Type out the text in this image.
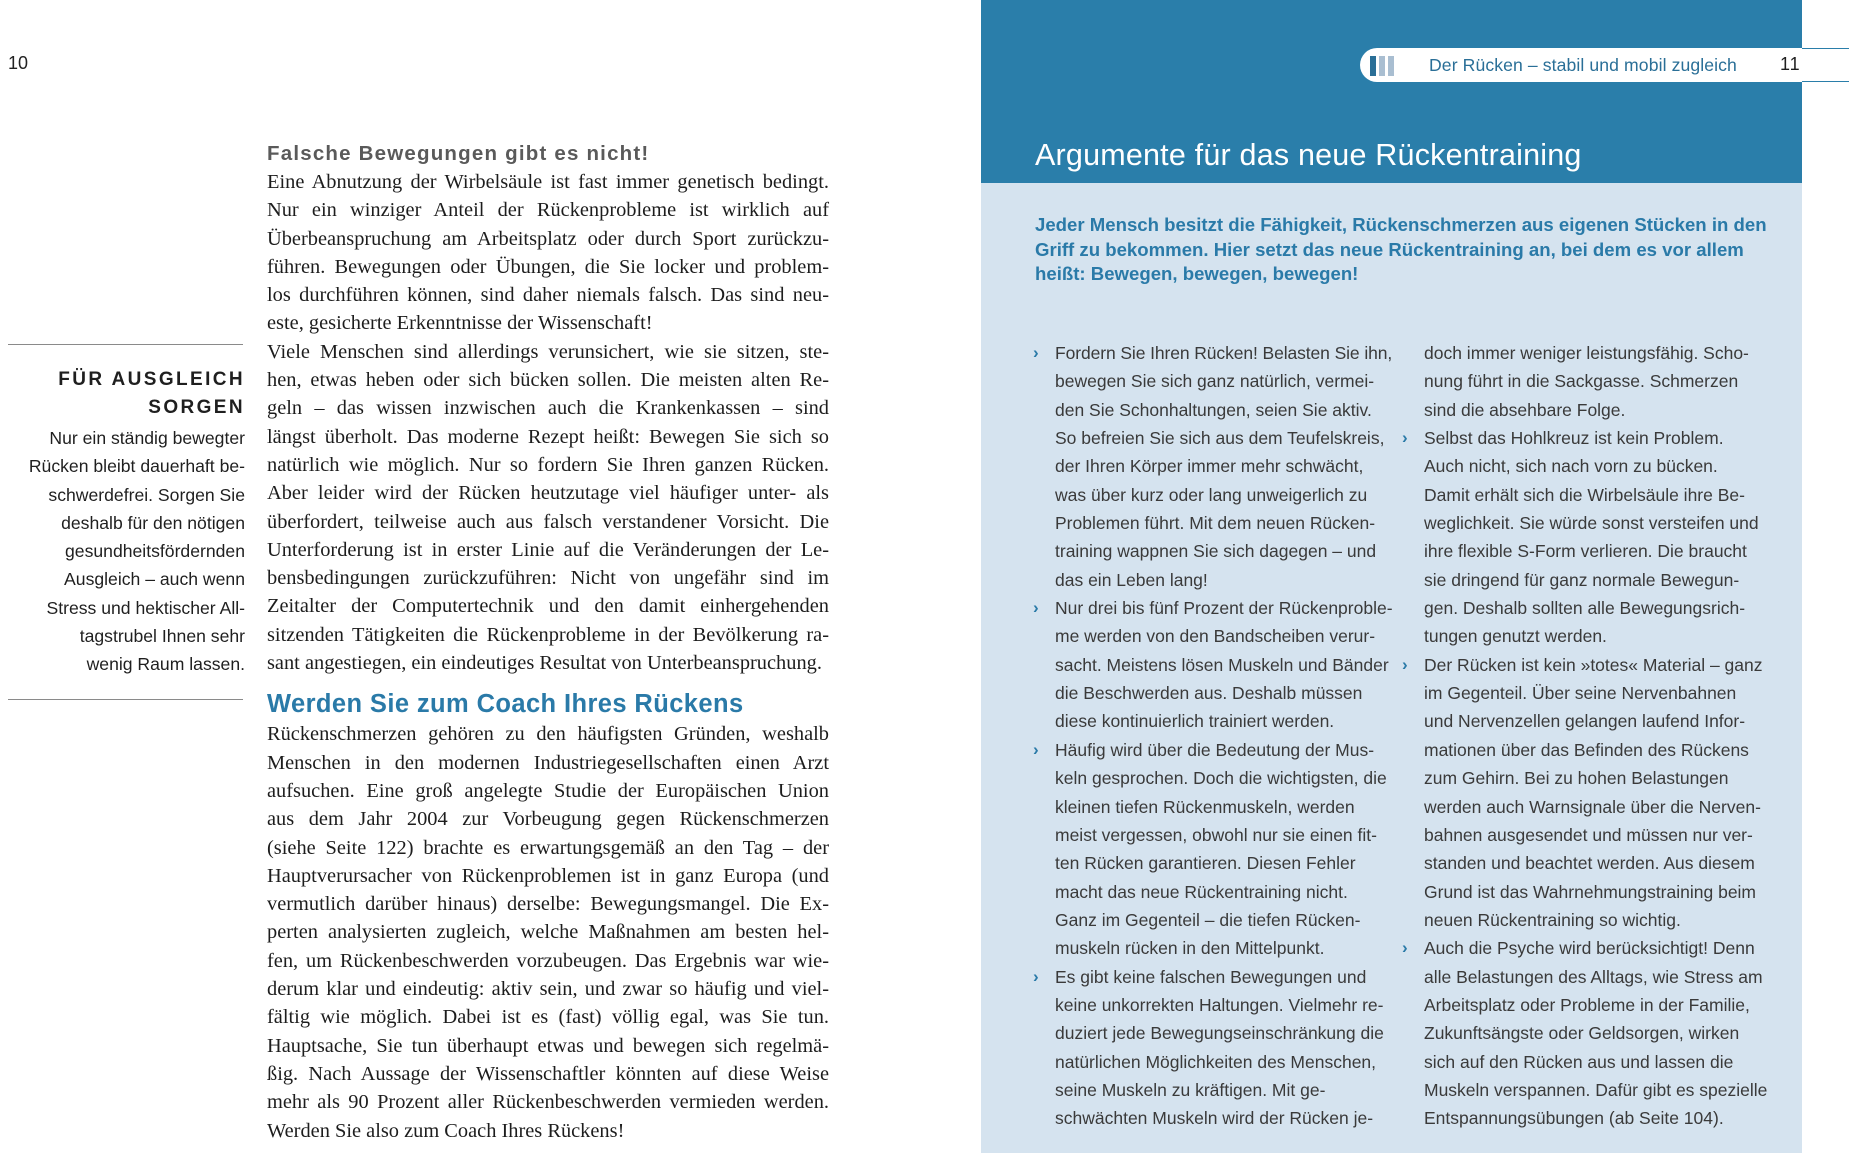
10
FÜR AUSGLEICH
SORGEN
Nur ein ständig bewegter
Rücken bleibt dauerhaft be-
schwerdefrei. Sorgen Sie
deshalb für den nötigen
gesundheitsfördernden
Ausgleich – auch wenn
Stress und hektischer All-
tagstrubel Ihnen sehr
wenig Raum lassen.
Falsche Bewegungen gibt es nicht!
Eine Abnutzung der Wirbelsäule ist fast immer genetisch bedingt.
Nur ein winziger Anteil der Rückenprobleme ist wirklich auf
Überbeanspruchung am Arbeitsplatz oder durch Sport zurückzu-
führen. Bewegungen oder Übungen, die Sie locker und problem-
los durchführen können, sind daher niemals falsch. Das sind neu-
este, gesicherte Erkenntnisse der Wissenschaft!
Viele Menschen sind allerdings verunsichert, wie sie sitzen, ste-
hen, etwas heben oder sich bücken sollen. Die meisten alten Re-
geln – das wissen inzwischen auch die Krankenkassen – sind
längst überholt. Das moderne Rezept heißt: Bewegen Sie sich so
natürlich wie möglich. Nur so fordern Sie Ihren ganzen Rücken.
Aber leider wird der Rücken heutzutage viel häufiger unter- als
überfordert, teilweise auch aus falsch verstandener Vorsicht. Die
Unterforderung ist in erster Linie auf die Veränderungen der Le-
bensbedingungen zurückzuführen: Nicht von ungefähr sind im
Zeitalter der Computertechnik und den damit einhergehenden
sitzenden Tätigkeiten die Rückenprobleme in der Bevölkerung ra-
sant angestiegen, ein eindeutiges Resultat von Unterbeanspruchung.
Werden Sie zum Coach Ihres Rückens
Rückenschmerzen gehören zu den häufigsten Gründen, weshalb
Menschen in den modernen Industriegesellschaften einen Arzt
aufsuchen. Eine groß angelegte Studie der Europäischen Union
aus dem Jahr 2004 zur Vorbeugung gegen Rückenschmerzen
(siehe Seite 122) brachte es erwartungsgemäß an den Tag – der
Hauptverursacher von Rückenproblemen ist in ganz Europa (und
vermutlich darüber hinaus) derselbe: Bewegungsmangel. Die Ex-
perten analysierten zugleich, welche Maßnahmen am besten hel-
fen, um Rückenbeschwerden vorzubeugen. Das Ergebnis war wie-
derum klar und eindeutig: aktiv sein, und zwar so häufig und viel-
fältig wie möglich. Dabei ist es (fast) völlig egal, was Sie tun.
Hauptsache, Sie tun überhaupt etwas und bewegen sich regelmä-
ßig. Nach Aussage der Wissenschaftler könnten auf diese Weise
mehr als 90 Prozent aller Rückenbeschwerden vermieden werden.
Werden Sie also zum Coach Ihres Rückens!
Der Rücken – stabil und mobil zugleich 11
Argumente für das neue Rückentraining
Jeder Mensch besitzt die Fähigkeit, Rückenschmerzen aus eigenen Stücken in den
Griff zu bekommen. Hier setzt das neue Rückentraining an, bei dem es vor allem
heißt: Bewegen, bewegen, bewegen!
› Fordern Sie Ihren Rücken! Belasten Sie ihn,
bewegen Sie sich ganz natürlich, vermei-
den Sie Schonhaltungen, seien Sie aktiv.
So befreien Sie sich aus dem Teufelskreis,
der Ihren Körper immer mehr schwächt,
was über kurz oder lang unweigerlich zu
Problemen führt. Mit dem neuen Rücken-
training wappnen Sie sich dagegen – und
das ein Leben lang!
› Nur drei bis fünf Prozent der Rückenproble-
me werden von den Bandscheiben verur-
sacht. Meistens lösen Muskeln und Bänder
die Beschwerden aus. Deshalb müssen
diese kontinuierlich trainiert werden.
› Häufig wird über die Bedeutung der Mus-
keln gesprochen. Doch die wichtigsten, die
kleinen tiefen Rückenmuskeln, werden
meist vergessen, obwohl nur sie einen fit-
ten Rücken garantieren. Diesen Fehler
macht das neue Rückentraining nicht.
Ganz im Gegenteil – die tiefen Rücken-
muskeln rücken in den Mittelpunkt.
› Es gibt keine falschen Bewegungen und
keine unkorrekten Haltungen. Vielmehr re-
duziert jede Bewegungseinschränkung die
natürlichen Möglichkeiten des Menschen,
seine Muskeln zu kräftigen. Mit ge-
schwächten Muskeln wird der Rücken je-
doch immer weniger leistungsfähig. Scho-
nung führt in die Sackgasse. Schmerzen
sind die absehbare Folge.
› Selbst das Hohlkreuz ist kein Problem.
Auch nicht, sich nach vorn zu bücken.
Damit erhält sich die Wirbelsäule ihre Be-
weglichkeit. Sie würde sonst versteifen und
ihre flexible S-Form verlieren. Die braucht
sie dringend für ganz normale Bewegun-
gen. Deshalb sollten alle Bewegungsrich-
tungen genutzt werden.
› Der Rücken ist kein »totes« Material – ganz
im Gegenteil. Über seine Nervenbahnen
und Nervenzellen gelangen laufend Infor-
mationen über das Befinden des Rückens
zum Gehirn. Bei zu hohen Belastungen
werden auch Warnsignale über die Nerven-
bahnen ausgesendet und müssen nur ver-
standen und beachtet werden. Aus diesem
Grund ist das Wahrnehmungstraining beim
neuen Rückentraining so wichtig.
› Auch die Psyche wird berücksichtigt! Denn
alle Belastungen des Alltags, wie Stress am
Arbeitsplatz oder Probleme in der Familie,
Zukunftsängste oder Geldsorgen, wirken
sich auf den Rücken aus und lassen die
Muskeln verspannen. Dafür gibt es spezielle
Entspannungsübungen (ab Seite 104).
